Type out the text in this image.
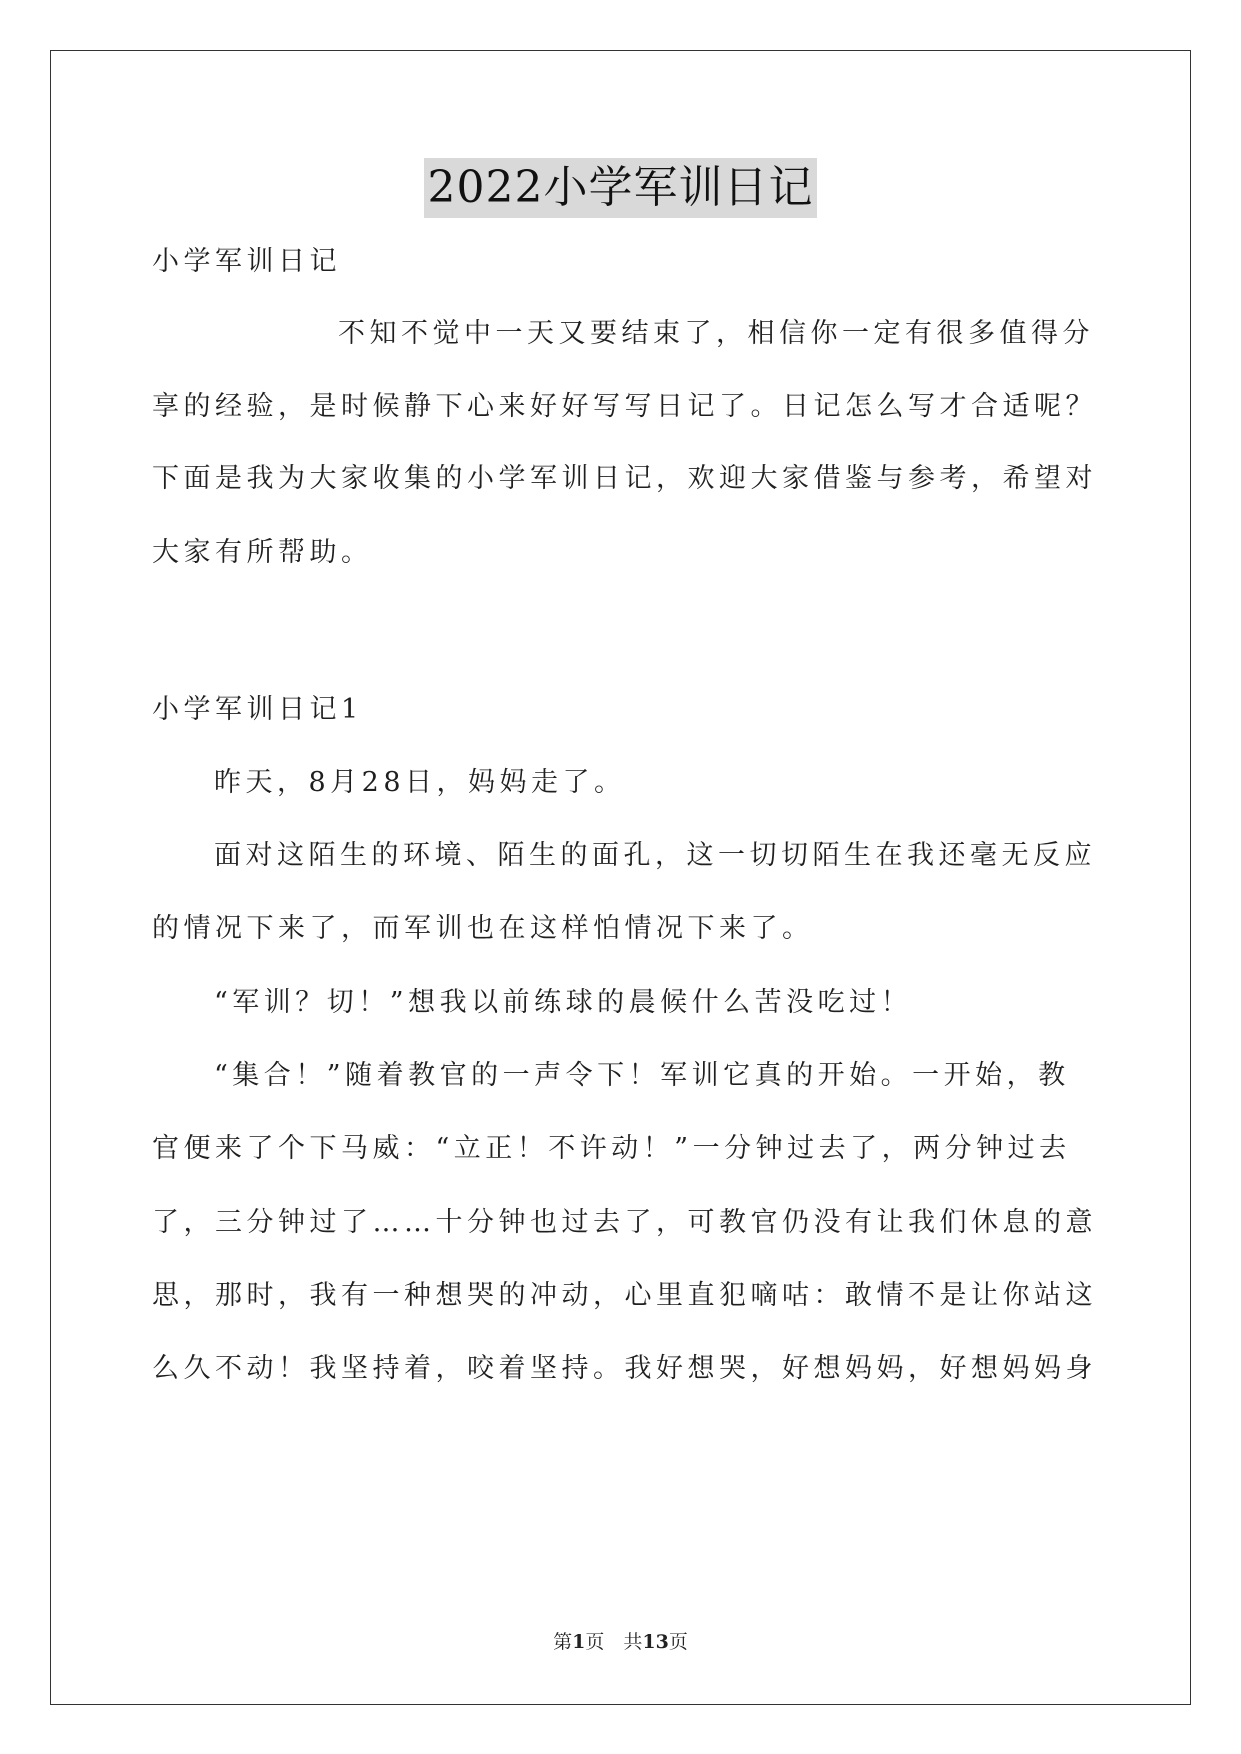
2022小学军训日记
小学军训日记
不知不觉中一天又要结束了，相信你一定有很多值得分
享的经验，是时候静下心来好好写写日记了。日记怎么写才合适呢？
下面是我为大家收集的小学军训日记，欢迎大家借鉴与参考，希望对
大家有所帮助。
小学军训日记1
昨天，8月28日，妈妈走了。
面对这陌生的环境、陌生的面孔，这一切切陌生在我还毫无反应
的情况下来了，而军训也在这样怕情况下来了。
“军训？切！”想我以前练球的晨候什么苦没吃过！
“集合！”随着教官的一声令下！军训它真的开始。一开始，教
官便来了个下马威：“立正！不许动！”一分钟过去了，两分钟过去
了，三分钟过了……十分钟也过去了，可教官仍没有让我们休息的意
思，那时，我有一种想哭的冲动，心里直犯嘀咕：敢情不是让你站这
么久不动！我坚持着，咬着坚持。我好想哭，好想妈妈，好想妈妈身
第1页　共13页
